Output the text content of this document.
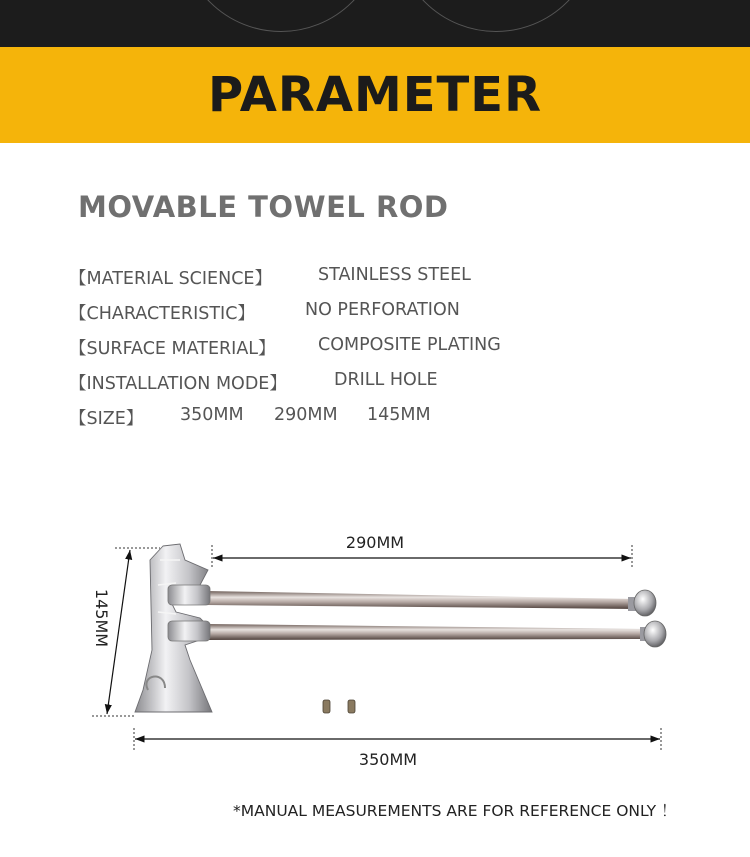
PARAMETER
MOVABLE TOWEL ROD
【MATERIAL SCIENCE】	STAINLESS STEEL
【CHARACTERISTIC】	NO PERFORATION
【SURFACE MATERIAL】 COMPOSITE PLATING
【INSTALLATION MODE】	DRILL HOLE
【SIZE】 350MM 290MM 145MM
290MM
350MM
145MM
*MANUAL MEASUREMENTS ARE FOR REFERENCE ONLY ！
